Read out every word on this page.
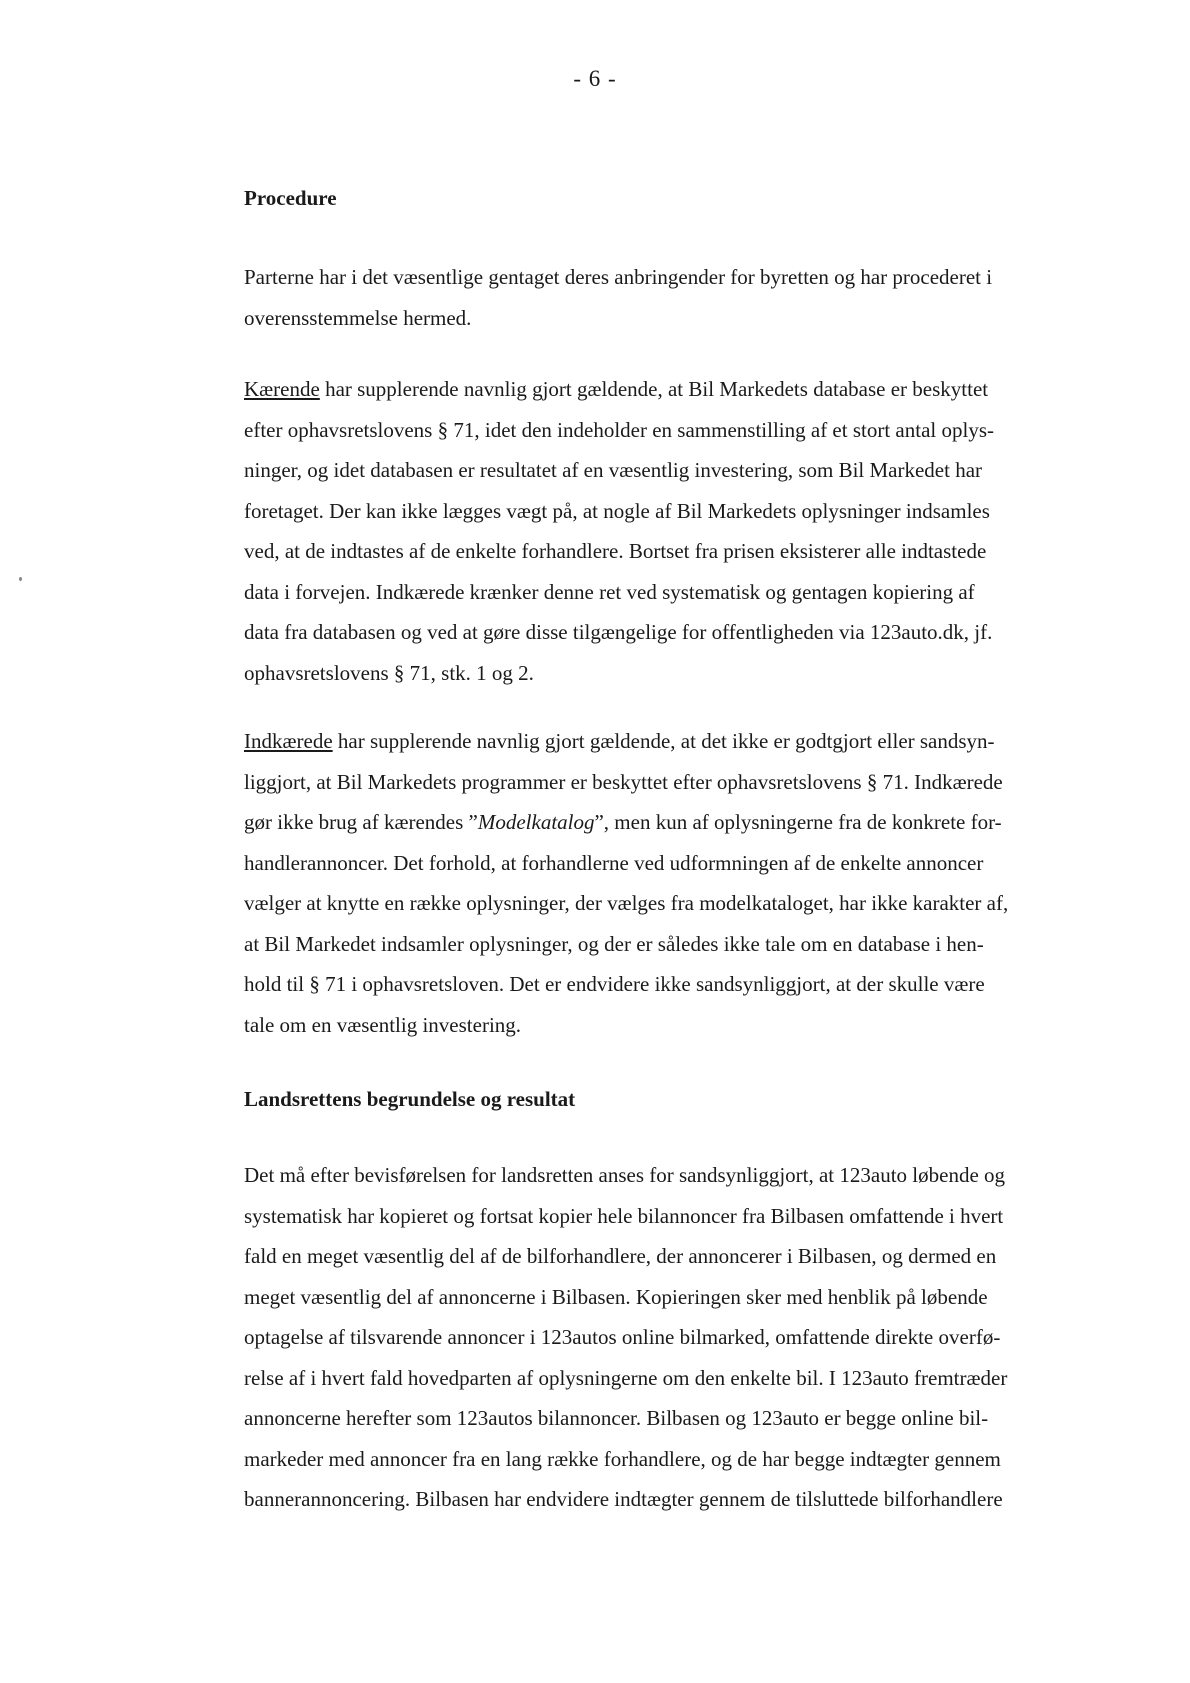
- 6 -
Procedure
Parterne har i det væsentlige gentaget deres anbringender for byretten og har procederet i
overensstemmelse hermed.
Kærende har supplerende navnlig gjort gældende, at Bil Markedets database er beskyttet
efter ophavsretslovens § 71, idet den indeholder en sammenstilling af et stort antal oplys-
ninger, og idet databasen er resultatet af en væsentlig investering, som Bil Markedet har
foretaget. Der kan ikke lægges vægt på, at nogle af Bil Markedets oplysninger indsamles
ved, at de indtastes af de enkelte forhandlere. Bortset fra prisen eksisterer alle indtastede
data i forvejen. Indkærede krænker denne ret ved systematisk og gentagen kopiering af
data fra databasen og ved at gøre disse tilgængelige for offentligheden via 123auto.dk, jf.
ophavsretslovens § 71, stk. 1 og 2.
Indkærede har supplerende navnlig gjort gældende, at det ikke er godtgjort eller sandsyn-
liggjort, at Bil Markedets programmer er beskyttet efter ophavsretslovens § 71. Indkærede
gør ikke brug af kærendes ”Modelkatalog”, men kun af oplysningerne fra de konkrete for-
handlerannoncer. Det forhold, at forhandlerne ved udformningen af de enkelte annoncer
vælger at knytte en række oplysninger, der vælges fra modelkataloget, har ikke karakter af,
at Bil Markedet indsamler oplysninger, og der er således ikke tale om en database i hen-
hold til § 71 i ophavsretsloven. Det er endvidere ikke sandsynliggjort, at der skulle være
tale om en væsentlig investering.
Landsrettens begrundelse og resultat
Det må efter bevisførelsen for landsretten anses for sandsynliggjort, at 123auto løbende og
systematisk har kopieret og fortsat kopier hele bilannoncer fra Bilbasen omfattende i hvert
fald en meget væsentlig del af de bilforhandlere, der annoncerer i Bilbasen, og dermed en
meget væsentlig del af annoncerne i Bilbasen. Kopieringen sker med henblik på løbende
optagelse af tilsvarende annoncer i 123autos online bilmarked, omfattende direkte overfø-
relse af i hvert fald hovedparten af oplysningerne om den enkelte bil. I 123auto fremtræder
annoncerne herefter som 123autos bilannoncer. Bilbasen og 123auto er begge online bil-
markeder med annoncer fra en lang række forhandlere, og de har begge indtægter gennem
bannerannoncering. Bilbasen har endvidere indtægter gennem de tilsluttede bilforhandlere
